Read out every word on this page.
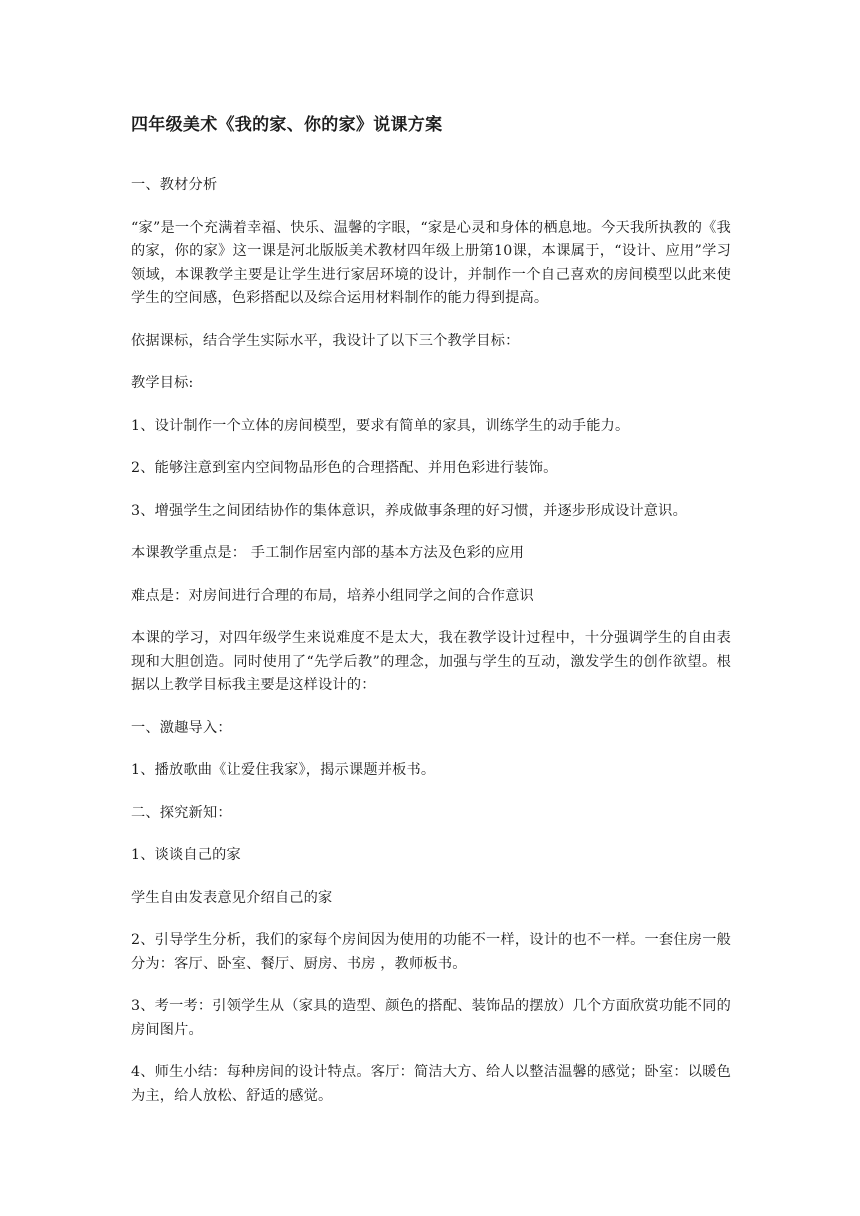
四年级美术《我的家、你的家》说课方案

一、教材分析

“家”是一个充满着幸福、快乐、温馨的字眼，“家是心灵和身体的栖息地。今天我所执教的《我的家，你的家》这一课是河北版版美术教材四年级上册第10课，本课属于，“设计、应用”学习领域，本课教学主要是让学生进行家居环境的设计，并制作一个自己喜欢的房间模型以此来使学生的空间感，色彩搭配以及综合运用材料制作的能力得到提高。

依据课标，结合学生实际水平，我设计了以下三个教学目标：

教学目标:

1、设计制作一个立体的房间模型，要求有简单的家具，训练学生的动手能力。

2、能够注意到室内空间物品形色的合理搭配、并用色彩进行装饰。

3、增强学生之间团结协作的集体意识，养成做事条理的好习惯，并逐步形成设计意识。

本课教学重点是： 手工制作居室内部的基本方法及色彩的应用

难点是：对房间进行合理的布局，培养小组同学之间的合作意识

本课的学习，对四年级学生来说难度不是太大，我在教学设计过程中，十分强调学生的自由表现和大胆创造。同时使用了“先学后教”的理念，加强与学生的互动，激发学生的创作欲望。根据以上教学目标我主要是这样设计的：

一、激趣导入：

1、播放歌曲《让爱住我家》，揭示课题并板书。

二、探究新知：

1、谈谈自己的家

学生自由发表意见介绍自己的家

2、引导学生分析，我们的家每个房间因为使用的功能不一样，设计的也不一样。一套住房一般分为：客厅、卧室、餐厅、厨房、书房 ，教师板书。

3、考一考：引领学生从（家具的造型、颜色的搭配、装饰品的摆放）几个方面欣赏功能不同的房间图片。

4、师生小结：每种房间的设计特点。客厅：简洁大方、给人以整洁温馨的感觉；卧室：以暖色为主，给人放松、舒适的感觉。
